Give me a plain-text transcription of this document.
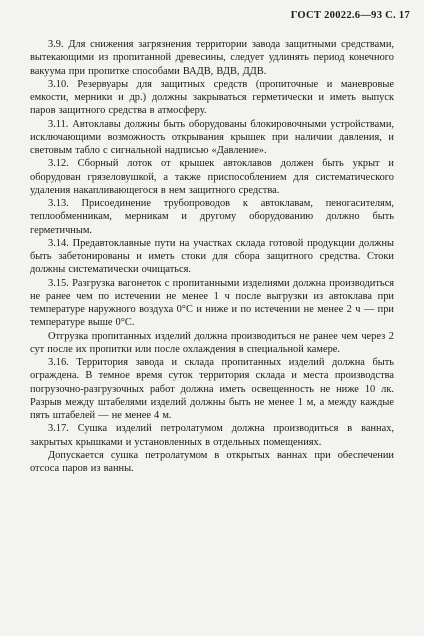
ГОСТ 20022.6—93 С. 17

3.9. Для снижения загрязнения территории завода защитными средствами, вытекающими из пропитанной древесины, следует удлинять период конечного вакуума при пропитке способами ВАДВ, ВДВ, ДДВ.

3.10. Резервуары для защитных средств (пропиточные и маневровые емкости, мерники и др.) должны закрываться герметически и иметь выпуск паров защитного средства в атмосферу.

3.11. Автоклавы должны быть оборудованы блокировочными устройствами, исключающими возможность открывания крышек при наличии давления, и световым табло с сигнальной надписью «Давление».

3.12. Сборный лоток от крышек автоклавов должен быть укрыт и оборудован грязеловушкой, а также приспособлением для систематического удаления накапливающегося в нем защитного средства.

3.13. Присоединение трубопроводов к автоклавам, пеногасителям, теплообменникам, мерникам и другому оборудованию должно быть герметичным.

3.14. Предавтоклавные пути на участках склада готовой продукции должны быть забетонированы и иметь стоки для сбора защитного средства. Стоки должны систематически очищаться.

3.15. Разгрузка вагонеток с пропитанными изделиями должна производиться не ранее чем по истечении не менее 1 ч после выгрузки из автоклава при температуре наружного воздуха 0°С и ниже и по истечении не менее 2 ч — при температуре выше 0°С.

Отгрузка пропитанных изделий должна производиться не ранее чем через 2 сут после их пропитки или после охлаждения в специальной камере.

3.16. Территория завода и склада пропитанных изделий должна быть ограждена. В темное время суток территория склада и места производства погрузочно-разгрузочных работ должна иметь освещенность не ниже 10 лк. Разрыв между штабелями изделий должны быть не менее 1 м, а между каждые пять штабелей — не менее 4 м.

3.17. Сушка изделий петролатумом должна производиться в ваннах, закрытых крышками и установленных в отдельных помещениях.

Допускается сушка петролатумом в открытых ваннах при обеспечении отсоса паров из ванны.
